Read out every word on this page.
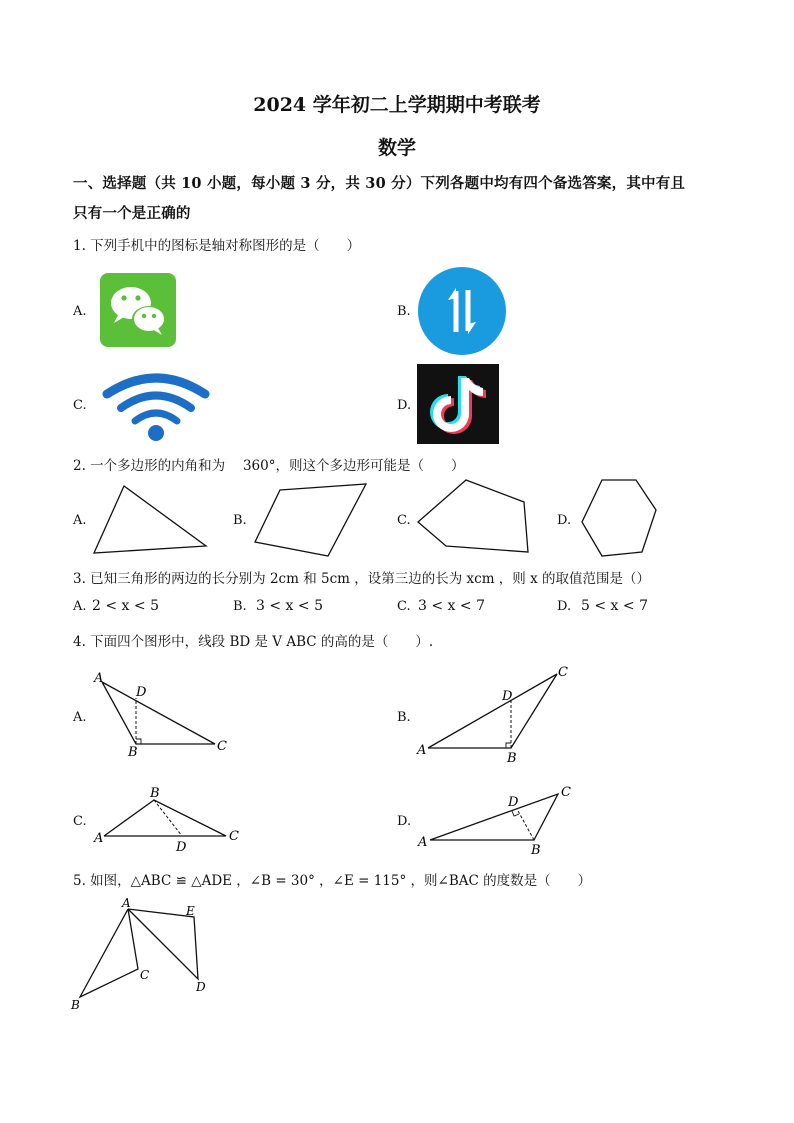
2024 学年初二上学期期中考联考
数学
一、选择题（共 10 小题，每小题 3 分，共 30 分）下列各题中均有四个备选答案，其中有且
只有一个是正确的
1. 下列手机中的图标是轴对称图形的是（　　）
A.	B.
C.	D.
2. 一个多边形的内角和为　 360°，则这个多边形可能是（　　）
A.	B.	C.	D.
3. 已知三角形的两边的长分别为 2cm 和 5cm ，设第三边的长为 xcm ，则 x 的取值范围是（）
A. 2 < x < 5	B. 3 < x < 5	C. 3 < x < 7	D. 5 < x < 7
4. 下面四个图形中，线段 BD 是 V ABC 的高的是（　　）.
A.
A
D
B	C
B.
A
D
B
C
C.
A
B
C
D
D.
A
D
B
C
5. 如图，△ABC ≌ △ADE ，∠B = 30° ，∠E = 115° ，则∠BAC 的度数是（　　）
A
B
C
D
E
